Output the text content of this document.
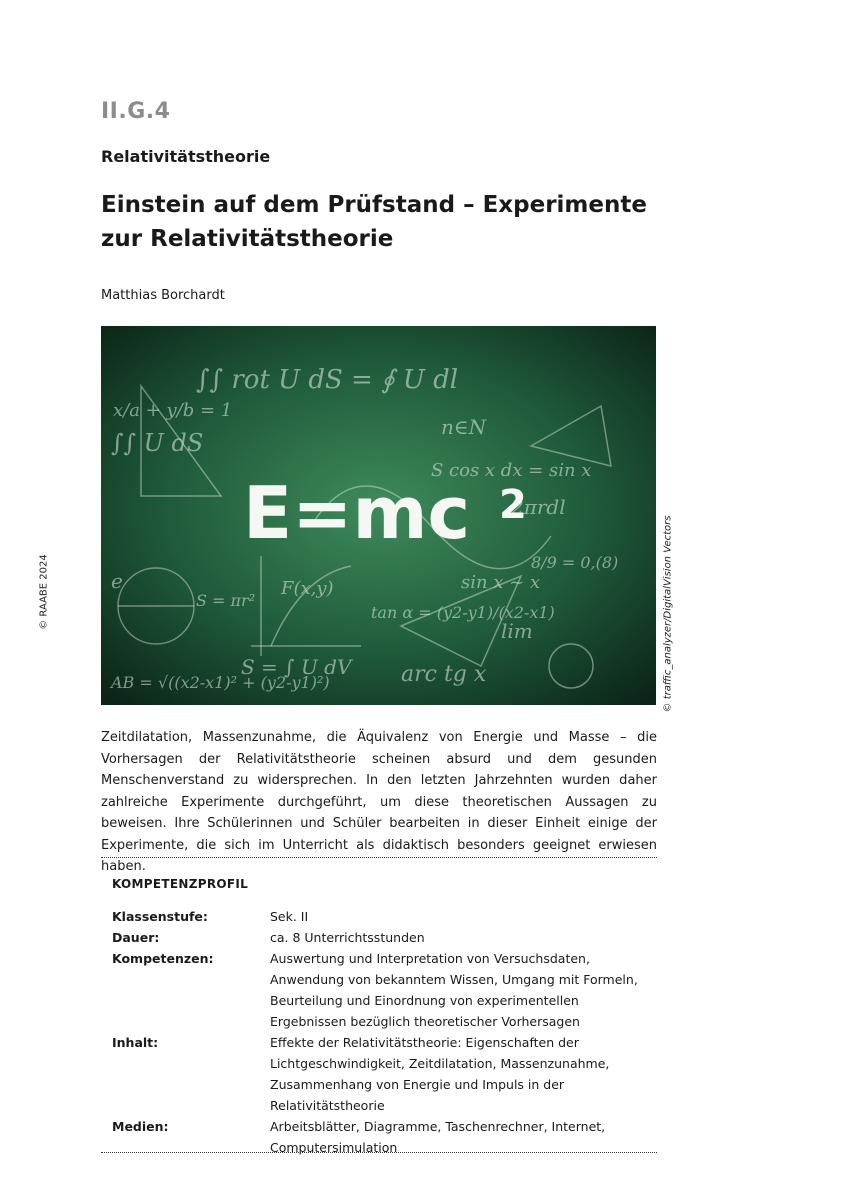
II.G.4
Relativitätstheorie
Einstein auf dem Prüfstand – Experimente zur Relativitätstheorie
Matthias Borchardt
∫∫ rot U dS = ∮ U dl
n∈N
S cos x dx = sin x
x/a + y/b = 1
∫∫ U dS
2πrdl
sin x ~ x
tan α = (y2-y1)/(x2-x1)
S = πr²
AB = √((x2-x1)² + (y2-y1)²)
S = ∫ U dV arc tg x
lim
8/9 = 0,(8)
F(x,y)
e
E=mc 2
© RAABE 2024	© traffic_analyzer/DigitalVision Vectors
Zeitdilatation, Massenzunahme, die Äquivalenz von Energie und Masse – die Vorhersagen der Relativitätstheorie scheinen absurd und dem gesunden Menschenverstand zu widersprechen. In den letzten Jahrzehnten wurden daher zahlreiche Experimente durchgeführt, um diese theoretischen Aussagen zu beweisen. Ihre Schülerinnen und Schüler bearbeiten in dieser Einheit einige der Experimente, die sich im Unterricht als didaktisch besonders geeignet erwiesen haben.
KOMPETENZPROFIL
Klassenstufe:	Sek. II
Dauer:	ca. 8 Unterrichtsstunden
Kompetenzen:	Auswertung und Interpretation von Versuchsdaten, Anwendung von bekanntem Wissen, Umgang mit Formeln, Beurteilung und Einordnung von experimentellen Ergebnissen bezüglich theoretischer Vorhersagen
Inhalt:	Effekte der Relativitätstheorie: Eigenschaften der Lichtgeschwindigkeit, Zeitdilatation, Massenzunahme, Zusammenhang von Energie und Impuls in der Relativitätstheorie
Medien:	Arbeitsblätter, Diagramme, Taschenrechner, Internet, Computersimulation
